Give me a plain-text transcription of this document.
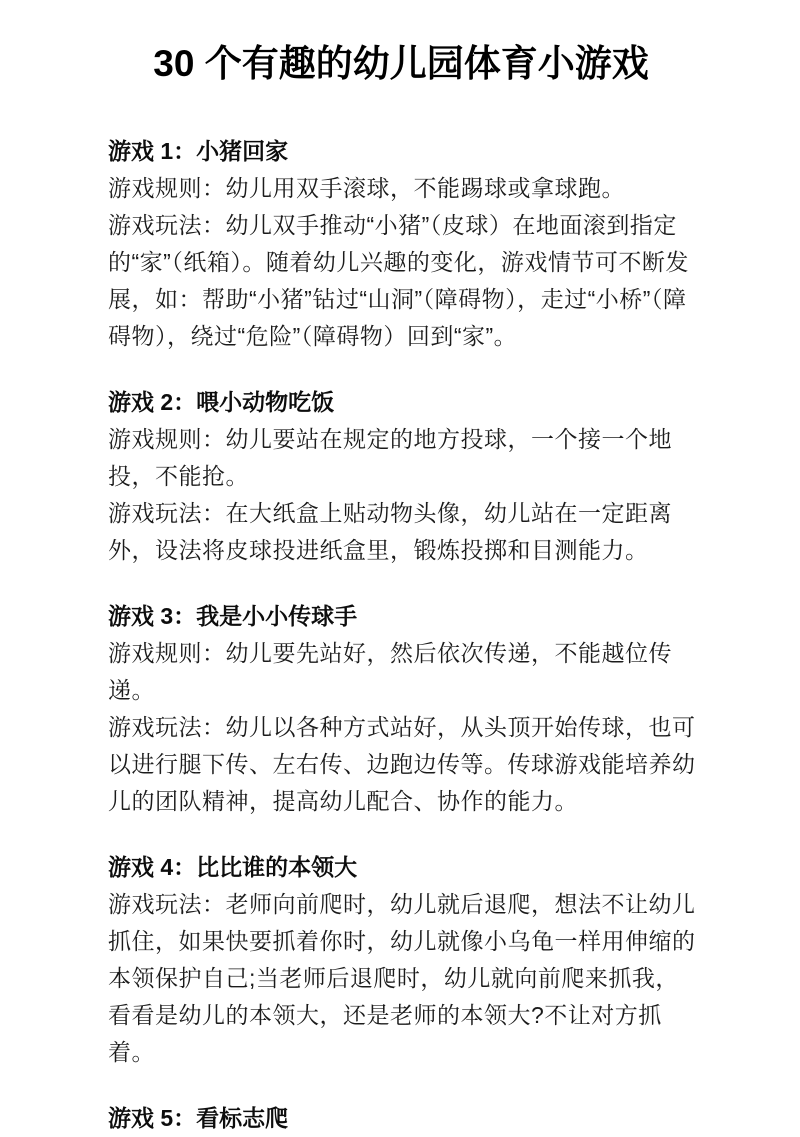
30 个有趣的幼儿园体育小游戏
游戏 1：小猪回家

游戏规则：幼儿用双手滚球，不能踢球或拿球跑。

游戏玩法：幼儿双手推动“小猪”（皮球）在地面滚到指定的“家”（纸箱）。随着幼儿兴趣的变化，游戏情节可不断发展，如：帮助“小猪”钻过“山洞”（障碍物），走过“小桥”（障碍物），绕过“危险”（障碍物）回到“家”。

游戏 2：喂小动物吃饭

游戏规则：幼儿要站在规定的地方投球，一个接一个地投，不能抢。

游戏玩法：在大纸盒上贴动物头像，幼儿站在一定距离外，设法将皮球投进纸盒里，锻炼投掷和目测能力。

游戏 3：我是小小传球手

游戏规则：幼儿要先站好，然后依次传递，不能越位传递。

游戏玩法：幼儿以各种方式站好，从头顶开始传球，也可以进行腿下传、左右传、边跑边传等。传球游戏能培养幼儿的团队精神，提高幼儿配合、协作的能力。

游戏 4：比比谁的本领大

游戏玩法：老师向前爬时，幼儿就后退爬，想法不让幼儿抓住，如果快要抓着你时，幼儿就像小乌龟一样用伸缩的本领保护自己;当老师后退爬时，幼儿就向前爬来抓我，看看是幼儿的本领大，还是老师的本领大?不让对方抓着。

游戏 5：看标志爬
